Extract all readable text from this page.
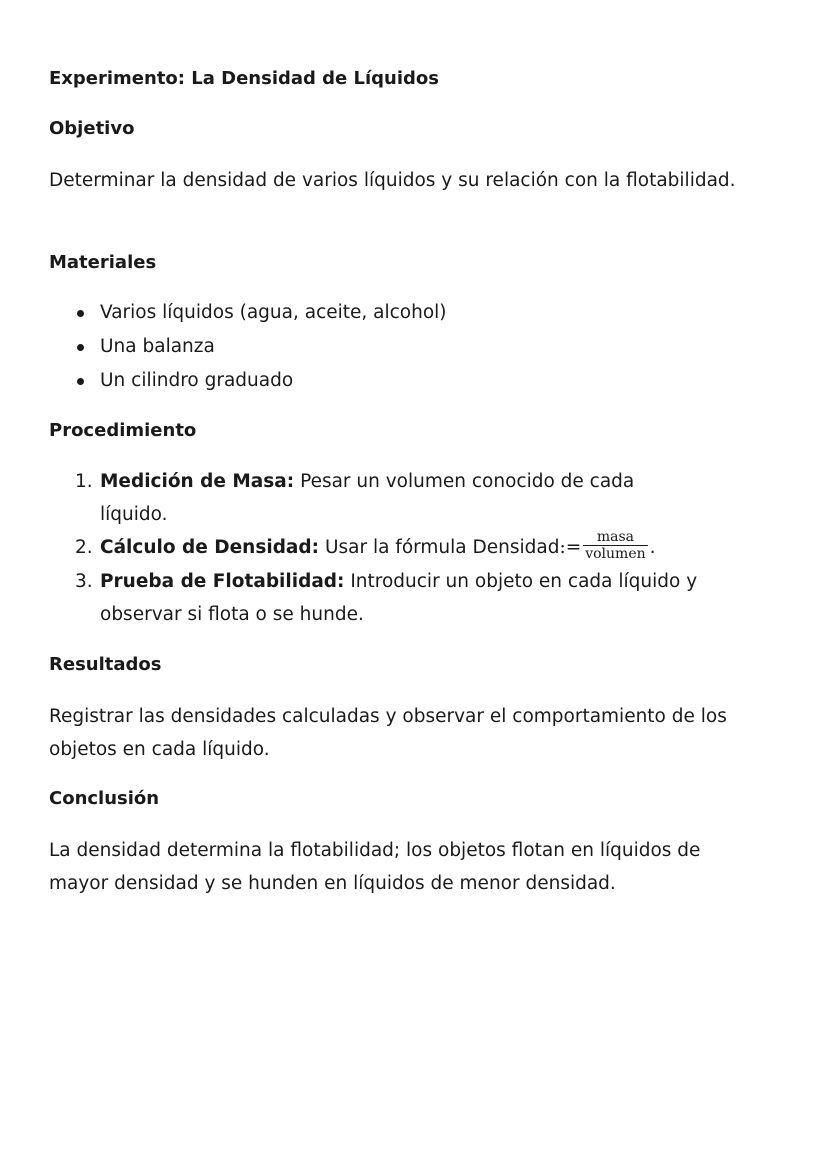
Experimento: La Densidad de Líquidos
Objetivo

Determinar la densidad de varios líquidos y su relación con la flotabilidad.

Materiales
Varios líquidos (agua, aceite, alcohol)
Una balanza
Un cilindro graduado
Procedimiento
1. Medición de Masa: Pesar un volumen conocido de cada líquido.
2. Cálculo de Densidad: Usar la fórmula Densidad:= $\frac{\text{masa}}{\text{volumen}}$ .
3. Prueba de Flotabilidad: Introducir un objeto en cada líquido y observar si flota o se hunde.
Resultados

Registrar las densidades calculadas y observar el comportamiento de los objetos en cada líquido.

Conclusión

La densidad determina la flotabilidad; los objetos flotan en líquidos de mayor densidad y se hunden en líquidos de menor densidad.
